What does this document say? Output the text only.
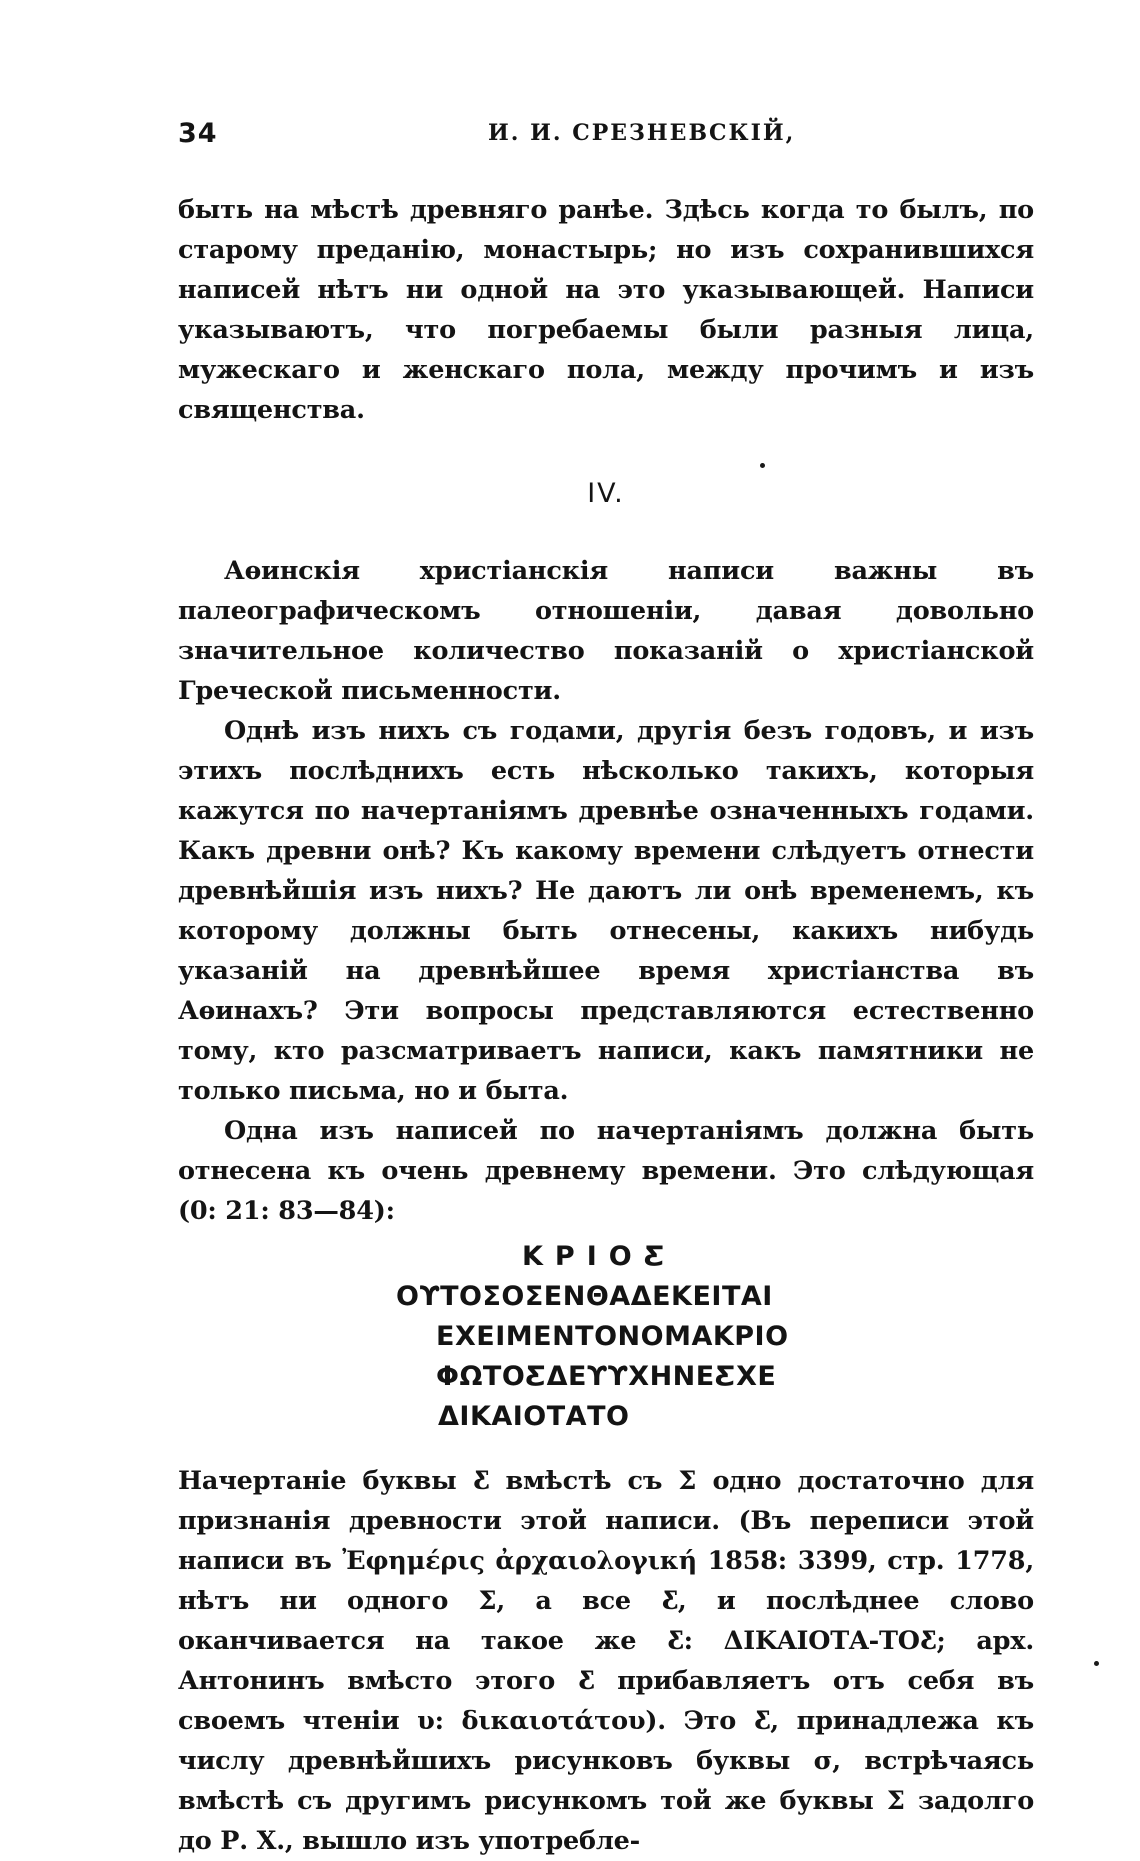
34	И. И. СРЕЗНЕВСКІЙ,

быть на мѣстѣ древняго ранѣе. Здѣсь когда то былъ, по старому преданію, монастырь; но изъ сохранившихся написей нѣтъ ни одной на это указывающей. Написи указываютъ, что погребаемы были разныя лица, мужескаго и женскаго пола, между прочимъ и изъ священства.

IV.

Аѳинскія христіанскія написи важны въ палеографическомъ отношеніи, давая довольно значительное количество показаній о христіанской Греческой письменности.

Однѣ изъ нихъ съ годами, другія безъ годовъ, и изъ этихъ послѣднихъ есть нѣсколько такихъ, которыя кажутся по начертаніямъ древнѣе означенныхъ годами. Какъ древни онѣ? Къ какому времени слѣдуетъ отнести древнѣйшія изъ нихъ? Не даютъ ли онѣ временемъ, къ которому должны быть отнесены, какихъ нибудь указаній на древнѣйшее время христіанства въ Аѳинахъ? Эти вопросы представляются естественно тому, кто разсматриваетъ написи, какъ памятники не только письма, но и быта.

Одна изъ написей по начертаніямъ должна быть отнесена къ очень древнему времени. Это слѣдующая (0: 21: 83—84):

ΚΡΙΟƸ
ΟϒΤΟΣΟΣΕΝΘΑΔΕΚΕΙΤΑΙ
ΕΧΕΙΜΕΝΤΟΝΟΜΑΚΡΙΟ
ΦΩΤΟƸΔΕϒϒΧΗΝΕƸΧΕ
ΔΙΚΑΙΟΤΑΤΟ

Начертаніе буквы Ƹ вмѣстѣ съ Σ одно достаточно для признанія древности этой написи. (Въ переписи этой написи въ Ἐφημέρις ἀρχαιολογική 1858: 3399, стр. 1778, нѣтъ ни одного Σ, а все Ƹ, и послѣднее слово оканчивается на такое же Ƹ: ΔΙΚΑΙΟΤΑ-ΤΟƸ; арх. Антонинъ вмѣсто этого Ƹ прибавляетъ отъ себя въ своемъ чтеніи υ: δικαιοτάτου). Это Ƹ, принадлежа къ числу древнѣйшихъ рисунковъ буквы σ, встрѣчаясь вмѣстѣ съ другимъ рисункомъ той же буквы Σ задолго до Р. Х., вышло изъ употребле-
